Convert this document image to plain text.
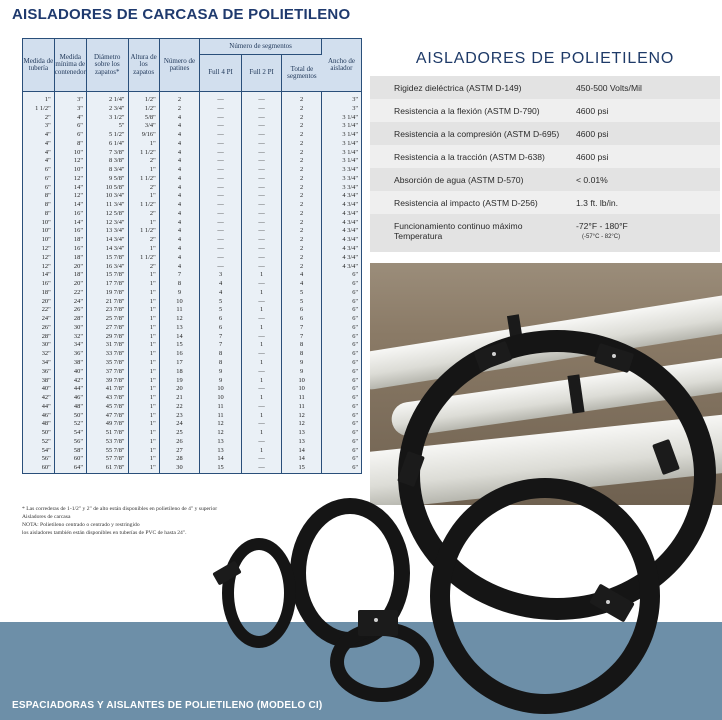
AISLADORES DE CARCASA DE POLIETILENO
Medida de tubería	Medida mínima de contenedor	Diámetro sobre los zapatos*	Altura de los zapatos	Número de patines	Número de segmentos			Ancho de aislador
					Full 4 PI	Full 2 PI	Total de segmentos	
1"	3"	2 1/4"	1/2"	2	—	—	2	3"
1 1/2"	3"	2 3/4"	1/2"	2	—	—	2	3"
2"	4"	3 1/2"	5/8"	4	—	—	2	3 1/4"
3"	6"	5"	3/4"	4	—	—	2	3 1/4"
4"	6"	5 1/2"	9/16"	4	—	—	2	3 1/4"
4"	8"	6 1/4"	1"	4	—	—	2	3 1/4"
4"	10"	7 3/8"	1 1/2"	4	—	—	2	3 1/4"
4"	12"	8 3/8"	2"	4	—	—	2	3 1/4"
6"	10"	8 3/4"	1"	4	—	—	2	3 3/4"
6"	12"	9 5/8"	1 1/2"	4	—	—	2	3 3/4"
6"	14"	10 5/8"	2"	4	—	—	2	3 3/4"
8"	12"	10 3/4"	1"	4	—	—	2	4 3/4"
8"	14"	11 3/4"	1 1/2"	4	—	—	2	4 3/4"
8"	16"	12 5/8"	2"	4	—	—	2	4 3/4"
10"	14"	12 3/4"	1"	4	—	—	2	4 3/4"
10"	16"	13 3/4"	1 1/2"	4	—	—	2	4 3/4"
10"	18"	14 3/4"	2"	4	—	—	2	4 3/4"
12"	16"	14 3/4"	1"	4	—	—	2	4 3/4"
12"	18"	15 7/8"	1 1/2"	4	—	—	2	4 3/4"
12"	20"	16 3/4"	2"	4	—	—	2	4 3/4"
14"	18"	15 7/8"	1"	7	3	1	4	6"
16"	20"	17 7/8"	1"	8	4	—	4	6"
18"	22"	19 7/8"	1"	9	4	1	5	6"
20"	24"	21 7/8"	1"	10	5	—	5	6"
22"	26"	23 7/8"	1"	11	5	1	6	6"
24"	28"	25 7/8"	1"	12	6	—	6	6"
26"	30"	27 7/8"	1"	13	6	1	7	6"
28"	32"	29 7/8"	1"	14	7	—	7	6"
30"	34"	31 7/8"	1"	15	7	1	8	6"
32"	36"	33 7/8"	1"	16	8	—	8	6"
34"	38"	35 7/8"	1"	17	8	1	9	6"
36"	40"	37 7/8"	1"	18	9	—	9	6"
38"	42"	39 7/8"	1"	19	9	1	10	6"
40"	44"	41 7/8"	1"	20	10	—	10	6"
42"	46"	43 7/8"	1"	21	10	1	11	6"
44"	48"	45 7/8"	1"	22	11	—	11	6"
46"	50"	47 7/8"	1"	23	11	1	12	6"
48"	52"	49 7/8"	1"	24	12	—	12	6"
50"	54"	51 7/8"	1"	25	12	1	13	6"
52"	56"	53 7/8"	1"	26	13	—	13	6"
54"	58"	55 7/8"	1"	27	13	1	14	6"
56"	60"	57 7/8"	1"	28	14	—	14	6"
60"	64"	61 7/8"	1"	30	15	—	15	6"
* Las correderas de 1-1/2" y 2" de alto están disponibles en polietileno de 4" y superior
Aisladores de carcasa
NOTA: Polietileno centrado o centrado y restringido
los aisladores también están disponibles en tuberías de PVC de hasta 24".
AISLADORES DE POLIETILENO
Rigidez dieléctrica (ASTM D-149)	450-500 Volts/Mil
Resistencia a la flexión (ASTM D-790)	4600 psi
Resistencia a la compresión (ASTM D-695) 4600 psi
Resistencia a la tracción (ASTM D-638)	4600 psi
Absorción de agua (ASTM D-570)	< 0.01%
Resistencia al impacto (ASTM D-256)	1.3 ft. lb/in.
Funcionamiento continuo máximo Temperatura
-72°F - 180°F
(-57°C - 82°C)
ESPACIADORAS Y AISLANTES DE POLIETILENO (MODELO CI)
